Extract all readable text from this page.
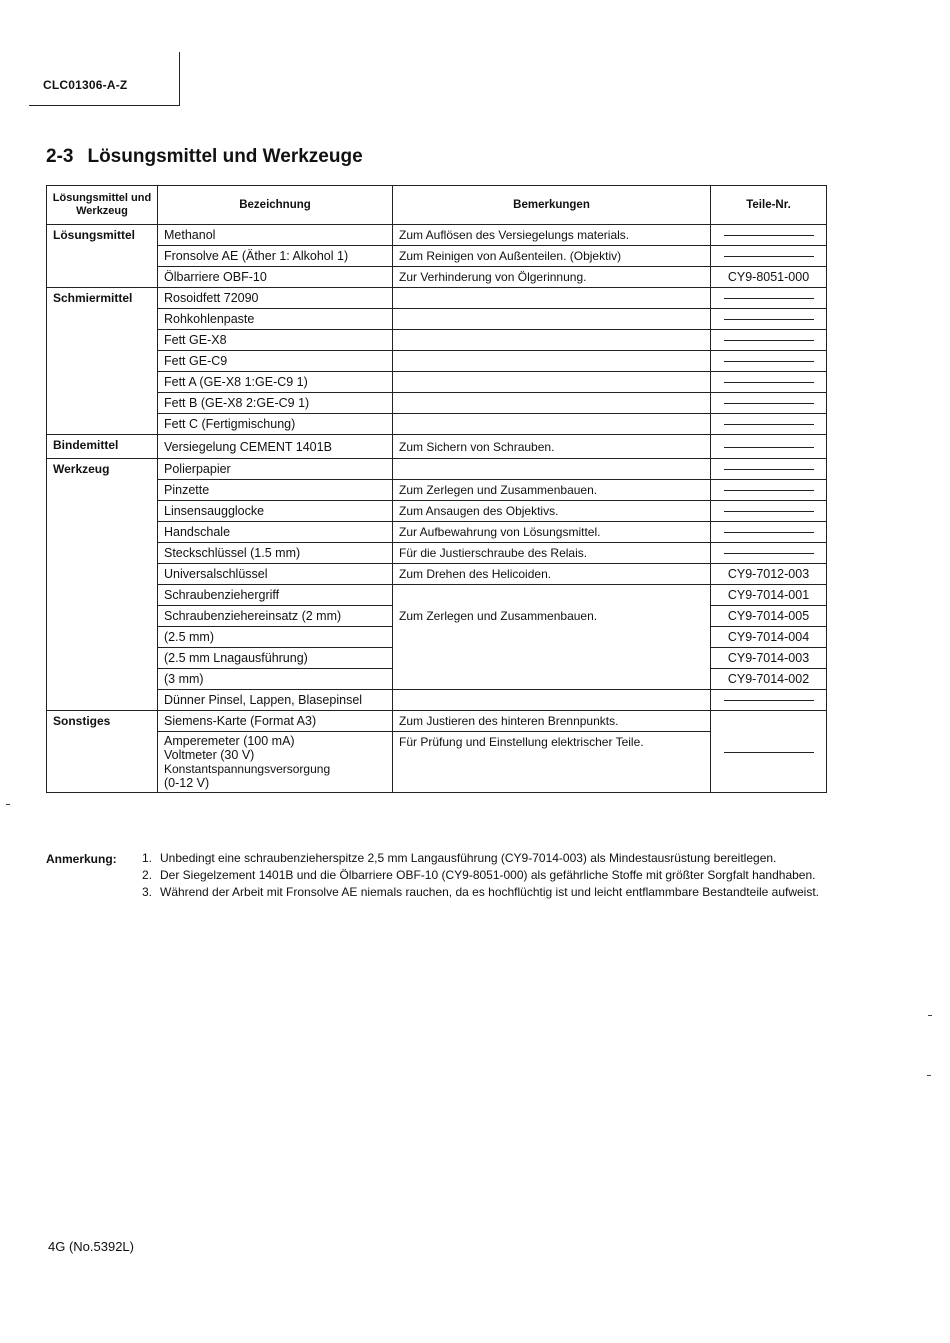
CLC01306-A-Z
2-3 Lösungsmittel und Werkzeuge
Lösungsmittel und Werkzeug	Bezeichnung	Bemerkungen	Teile-Nr.
Lösungsmittel	Methanol	Zum Auflösen des Versiegelungs materials.	
	Fronsolve AE (Äther 1: Alkohol 1)	Zum Reinigen von Außenteilen. (Objektiv)	
	Ölbarriere OBF-10	Zur Verhinderung von Ölgerinnung.	CY9-8051-000
Schmiermittel	Rosoidfett 72090		
	Rohkohlenpaste		
	Fett GE-X8		
	Fett GE-C9		
	Fett A (GE-X8 1:GE-C9 1)		
	Fett B (GE-X8 2:GE-C9 1)		
	Fett C (Fertigmischung)		
Bindemittel	Versiegelung CEMENT 1401B	Zum Sichern von Schrauben.	
Werkzeug	Polierpapier		
	Pinzette	Zum Zerlegen und Zusammenbauen.	
	Linsensaugglocke	Zum Ansaugen des Objektivs.	
	Handschale	Zur Aufbewahrung von Lösungsmittel.	
	Steckschlüssel (1.5 mm)	Für die Justierschraube des Relais.	
	Universalschlüssel	Zum Drehen des Helicoiden.	CY9-7012-003
	Schraubenziehergriff		CY9-7014-001
	Schraubenziehereinsatz (2 mm)	Zum Zerlegen und Zusammenbauen.	CY9-7014-005
	(2.5 mm)		CY9-7014-004
	(2.5 mm Lnagausführung)		CY9-7014-003
	(3 mm)		CY9-7014-002
	Dünner Pinsel, Lappen, Blasepinsel		
Sonstiges	Siemens-Karte (Format A3)	Zum Justieren des hinteren Brennpunkts.	

	Amperemeter (100 mA)
Voltmeter (30 V)
Konstantspannungsversorgung
(0-12 V)	Für Prüfung und Einstellung elektrischer Teile.	
Anmerkung: 1. Unbedingt eine schraubenzieherspitze 2,5 mm Langausführung (CY9-7014-003) als Mindestausrüstung bereitlegen.
2. Der Siegelzement 1401B und die Ölbarriere OBF-10 (CY9-8051-000) als gefährliche Stoffe mit größter Sorgfalt handhaben.
3. Während der Arbeit mit Fronsolve AE niemals rauchen, da es hochflüchtig ist und leicht entflammbare Bestandteile aufweist.
4G (No.5392L)
